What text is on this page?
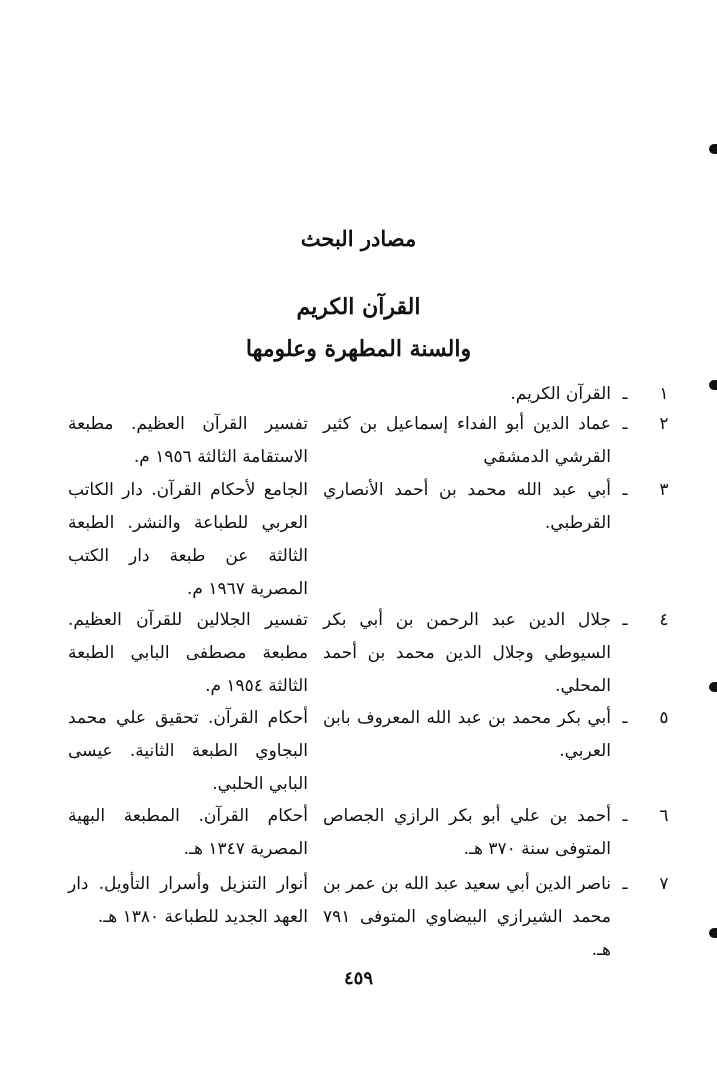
مصادر البحث
القرآن الكريم
والسنة المطهرة وعلومها
١
ـ
القرآن الكريم.
٢
ـ
عماد الدين أبو الفداء إسماعيل بن كثير القرشي الدمشقي
تفسير القرآن العظيم. مطبعة الاستقامة الثالثة ١٩٥٦ م.
٣
ـ
أبي عبد الله محمد بن أحمد الأنصاري القرطبي.
الجامع لأحكام القرآن. دار الكاتب العربي للطباعة والنشر. الطبعة الثالثة عن طبعة دار الكتب المصرية ١٩٦٧ م.
٤
ـ
جلال الدين عبد الرحمن بن أبي بكر السيوطي وجلال الدين محمد بن أحمد المحلي.
تفسير الجلالين للقرآن العظيم. مطبعة مصطفى البابي الطبعة الثالثة ١٩٥٤ م.
٥
ـ
أبي بكر محمد بن عبد الله المعروف بابن العربي.
أحكام القرآن. تحقيق علي محمد البجاوي الطبعة الثانية. عيسى البابي الحلبي.
٦
ـ
أحمد بن علي أبو بكر الرازي الجصاص المتوفى سنة ٣٧٠ هـ.
أحكام القرآن. المطبعة البهية المصرية ١٣٤٧ هـ.
٧
ـ
ناصر الدين أبي سعيد عبد الله بن عمر بن محمد الشيرازي البيضاوي المتوفى ٧٩١ هـ.
أنوار التنزيل وأسرار التأويل. دار العهد الجديد للطباعة ١٣٨٠ هـ.
٤٥٩
